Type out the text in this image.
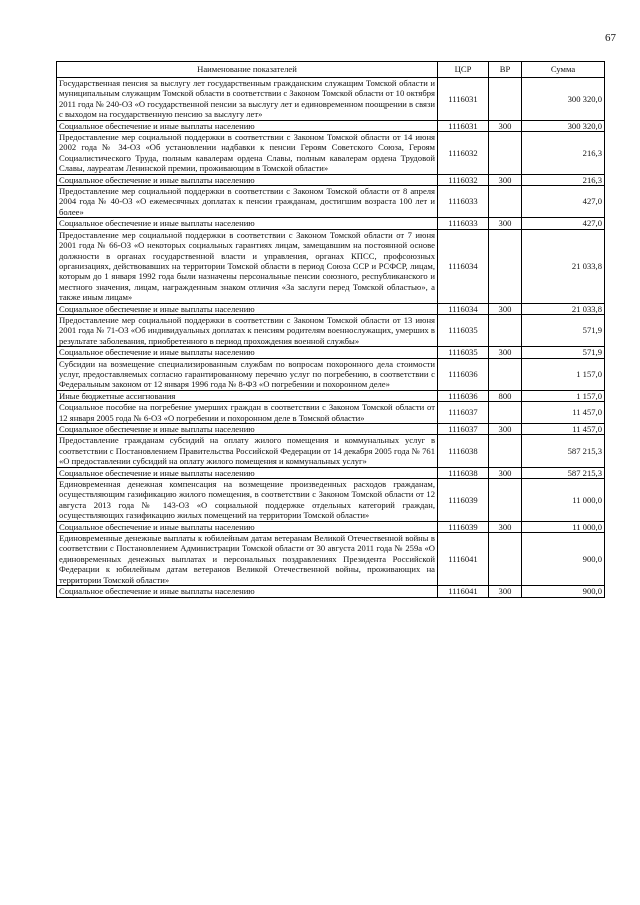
67
Наименование показателей	ЦСР	ВР	Сумма
Государственная пенсия за выслугу лет государственным гражданским служащим Томской области и муниципальным служащим Томской области в соответствии с Законом Томской области от 10 октября 2011 года № 240-ОЗ «О государственной пенсии за выслугу лет и единовременном поощрении в связи с выходом на государственную пенсию за выслугу лет»	1116031		300 320,0
Социальное обеспечение и иные выплаты населению	1116031	300	300 320,0
Предоставление мер социальной поддержки в соответствии с Законом Томской области от 14 июня 2002 года № 34-ОЗ «Об установлении надбавки к пенсии Героям Советского Союза, Героям Социалистического Труда, полным кавалерам ордена Славы, полным кавалерам ордена Трудовой Славы, лауреатам Ленинской премии, проживающим в Томской области»	1116032		216,3
Социальное обеспечение и иные выплаты населению	1116032	300	216,3
Предоставление мер социальной поддержки в соответствии с Законом Томской области от 8 апреля 2004 года № 40-ОЗ «О ежемесячных доплатах к пенсии гражданам, достигшим возраста 100 лет и более»	1116033		427,0
Социальное обеспечение и иные выплаты населению	1116033	300	427,0
Предоставление мер социальной поддержки в соответствии с Законом Томской области от 7 июня 2001 года № 66-ОЗ «О некоторых социальных гарантиях лицам, замещавшим на постоянной основе должности в органах государственной власти и управления, органах КПСС, профсоюзных организациях, действовавших на территории Томской области в период Союза ССР и РСФСР, лицам, которым до 1 января 1992 года были назначены персональные пенсии союзного, республиканского и местного значения, лицам, награжденным знаком отличия «За заслуги перед Томской областью», а также иным лицам»	1116034		21 033,8
Социальное обеспечение и иные выплаты населению	1116034	300	21 033,8
Предоставление мер социальной поддержки в соответствии с Законом Томской области от 13 июня 2001 года № 71-ОЗ «Об индивидуальных доплатах к пенсиям родителям военнослужащих, умерших в результате заболевания, приобретенного в период прохождения военной службы»	1116035		571,9
Социальное обеспечение и иные выплаты населению	1116035	300	571,9
Субсидии на возмещение специализированным службам по вопросам похоронного дела стоимости услуг, предоставляемых согласно гарантированному перечню услуг по погребению, в соответствии с Федеральным законом от 12 января 1996 года № 8-ФЗ «О погребении и похоронном деле»	1116036		1 157,0
Иные бюджетные ассигнования	1116036	800	1 157,0
Социальное пособие на погребение умерших граждан в соответствии с Законом Томской области от 12 января 2005 года № 6-ОЗ «О погребении и похоронном деле в Томской области»	1116037		11 457,0
Социальное обеспечение и иные выплаты населению	1116037	300	11 457,0
Предоставление гражданам субсидий на оплату жилого помещения и коммунальных услуг в соответствии с Постановлением Правительства Российской Федерации от 14 декабря 2005 года № 761 «О предоставлении субсидий на оплату жилого помещения и коммунальных услуг»	1116038		587 215,3
Социальное обеспечение и иные выплаты населению	1116038	300	587 215,3
Единовременная денежная компенсация на возмещение произведенных расходов гражданам, осуществляющим газификацию жилого помещения, в соответствии с Законом Томской области от 12 августа 2013 года № 143-ОЗ «О социальной поддержке отдельных категорий граждан, осуществляющих газификацию жилых помещений на территории Томской области»	1116039		11 000,0
Социальное обеспечение и иные выплаты населению	1116039	300	11 000,0
Единовременные денежные выплаты к юбилейным датам ветеранам Великой Отечественной войны в соответствии с Постановлением Администрации Томской области от 30 августа 2011 года № 259а «О единовременных денежных выплатах и персональных поздравлениях Президента Российской Федерации к юбилейным датам ветеранов Великой Отечественной войны, проживающих на территории Томской области»	1116041		900,0
Социальное обеспечение и иные выплаты населению	1116041	300	900,0
